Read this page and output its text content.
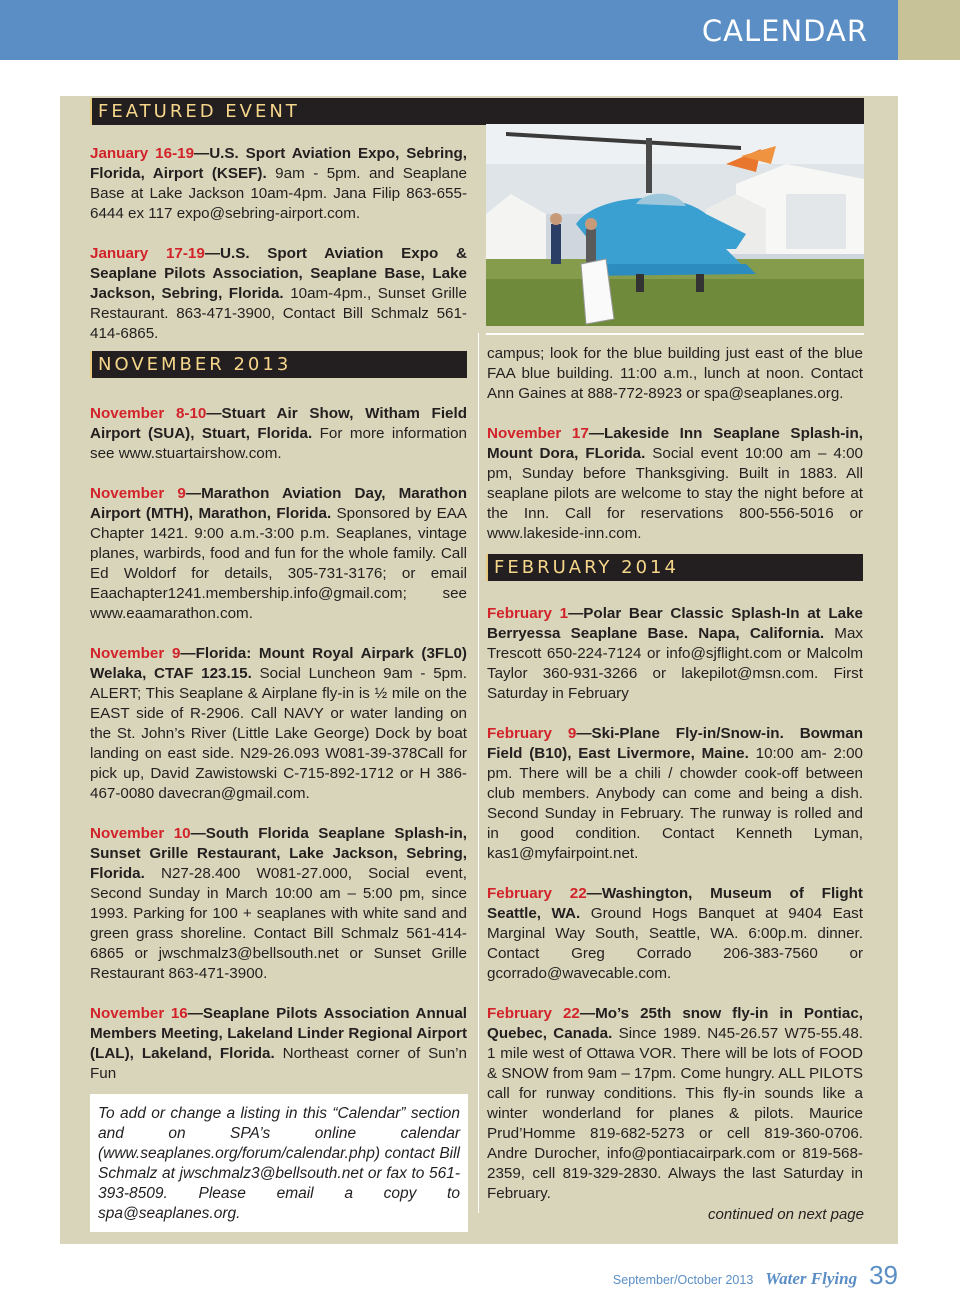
CALENDAR
FEATURED EVENT

January 16-19—U.S. Sport Aviation Expo, Sebring, Florida, Airport (KSEF). 9am - 5pm. and Seaplane Base at Lake Jackson 10am-4pm. Jana Filip 863-655-6444 ex 117 expo@sebring-airport.com.

January 17-19—U.S. Sport Aviation Expo & Seaplane Pilots Association, Seaplane Base, Lake Jackson, Sebring, Florida. 10am-4pm., Sunset Grille Restaurant. 863-471-3900, Contact Bill Schmalz 561-414-6865.

NOVEMBER 2013

November 8-10—Stuart Air Show, Witham Field Airport (SUA), Stuart, Florida. For more information see www.stuartairshow.com.

November 9—Marathon Aviation Day, Marathon Airport (MTH), Marathon, Florida. Sponsored by EAA Chapter 1421. 9:00 a.m.-3:00 p.m. Seaplanes, vintage planes, warbirds, food and fun for the whole family. Call Ed Woldorf for details, 305-731-3176; or email Eaachapter1241.membership.info@gmail.com; see www.eaamarathon.com.

November 9—Florida: Mount Royal Airpark (3FL0) Welaka, CTAF 123.15. Social Luncheon 9am - 5pm. ALERT; This Seaplane & Airplane fly-in is ½ mile on the EAST side of R-2906. Call NAVY or water landing on the St. John’s River (Little Lake George) Dock by boat landing on east side. N29-26.093 W081-39-378Call for pick up, David Zawistowski C-715-892-1712 or H 386-467-0080 davecran@gmail.com.

November 10—South Florida Seaplane Splash-in, Sunset Grille Restaurant, Lake Jackson, Sebring, Florida. N27-28.400 W081-27.000, Social event, Second Sunday in March 10:00 am – 5:00 pm, since 1993. Parking for 100 + seaplanes with white sand and green grass shoreline. Contact Bill Schmalz 561-414-6865 or jwschmalz3@bellsouth.net or Sunset Grille Restaurant 863-471-3900.

November 16—Seaplane Pilots Association Annual Members Meeting, Lakeland Linder Regional Airport (LAL), Lakeland, Florida. Northeast corner of Sun’n Fun

campus; look for the blue building just east of the blue FAA blue building. 11:00 a.m., lunch at noon. Contact Ann Gaines at 888-772-8923 or spa@seaplanes.org.

November 17—Lakeside Inn Seaplane Splash-in, Mount Dora, FLorida. Social event 10:00 am – 4:00 pm, Sunday before Thanksgiving. Built in 1883. All seaplane pilots are welcome to stay the night before at the Inn. Call for reservations 800-556-5016 or www.lakeside-inn.com.

FEBRUARY 2014

February 1—Polar Bear Classic Splash-In at Lake Berryessa Seaplane Base. Napa, California. Max Trescott 650-224-7124 or info@sjflight.com or Malcolm Taylor 360-931-3266 or lakepilot@msn.com. First Saturday in February

February 9—Ski-Plane Fly-in/Snow-in. Bowman Field (B10), East Livermore, Maine. 10:00 am- 2:00 pm. There will be a chili / chowder cook-off between club members. Anybody can come and being a dish. Second Sunday in February. The runway is rolled and in good condition. Contact Kenneth Lyman, kas1@myfairpoint.net.

February 22—Washington, Museum of Flight Seattle, WA. Ground Hogs Banquet at 9404 East Marginal Way South, Seattle, WA. 6:00p.m. dinner. Contact Greg Corrado 206-383-7560 or gcorrado@wavecable.com.

February 22—Mo’s 25th snow fly-in in Pontiac, Quebec, Canada. Since 1989. N45-26.57 W75-55.48. 1 mile west of Ottawa VOR. There will be lots of FOOD & SNOW from 9am – 17pm. Come hungry. ALL PILOTS call for runway conditions. This fly-in sounds like a winter wonderland for planes & pilots. Maurice Prud’Homme 819-682-5273 or cell 819-360-0706. Andre Durocher, info@pontiacairpark.com or 819-568-2359, cell 819-329-2830. Always the last Saturday in February.

continued on next page
To add or change a listing in this “Calendar” section and on SPA’s online calendar (www.seaplanes.org/forum/calendar.php) contact Bill Schmalz at jwschmalz3@bellsouth.net or fax to 561-393-8509. Please email a copy to spa@seaplanes.org.
September/October 2013 Water Flying 39
